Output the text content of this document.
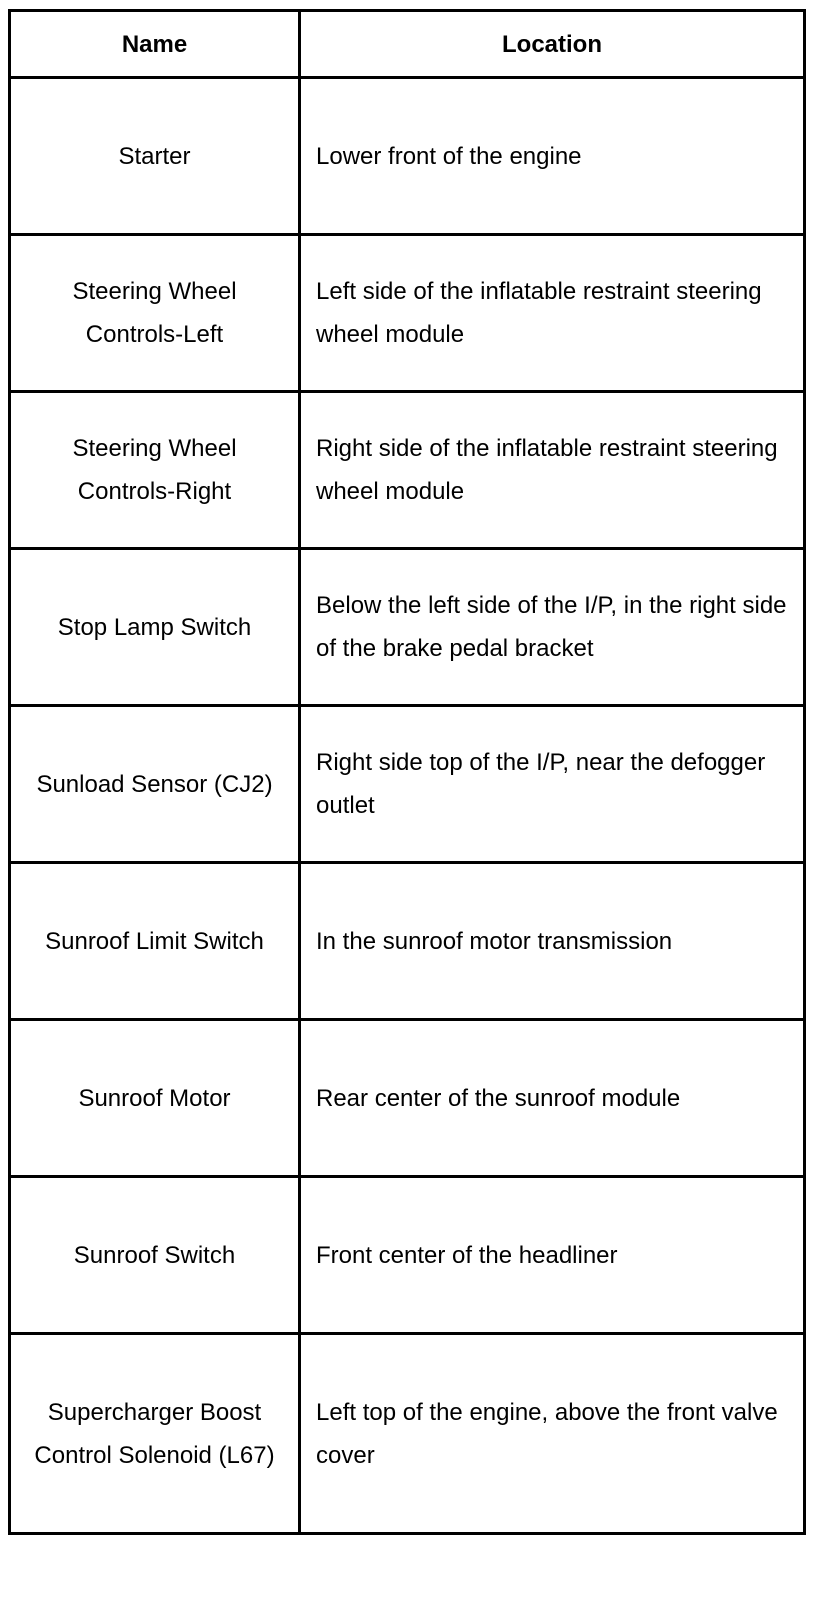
Name	Location
Starter	Lower front of the engine
Steering Wheel Controls-Left	Left side of the inflatable restraint steering wheel module
Steering Wheel Controls-Right	Right side of the inflatable restraint steering wheel module
Stop Lamp Switch	Below the left side of the I/P, in the right side of the brake pedal bracket
Sunload Sensor (CJ2)	Right side top of the I/P, near the defogger outlet
Sunroof Limit Switch	In the sunroof motor transmission
Sunroof Motor	Rear center of the sunroof module
Sunroof Switch	Front center of the headliner
Supercharger Boost Control Solenoid (L67)	Left top of the engine, above the front valve cover
